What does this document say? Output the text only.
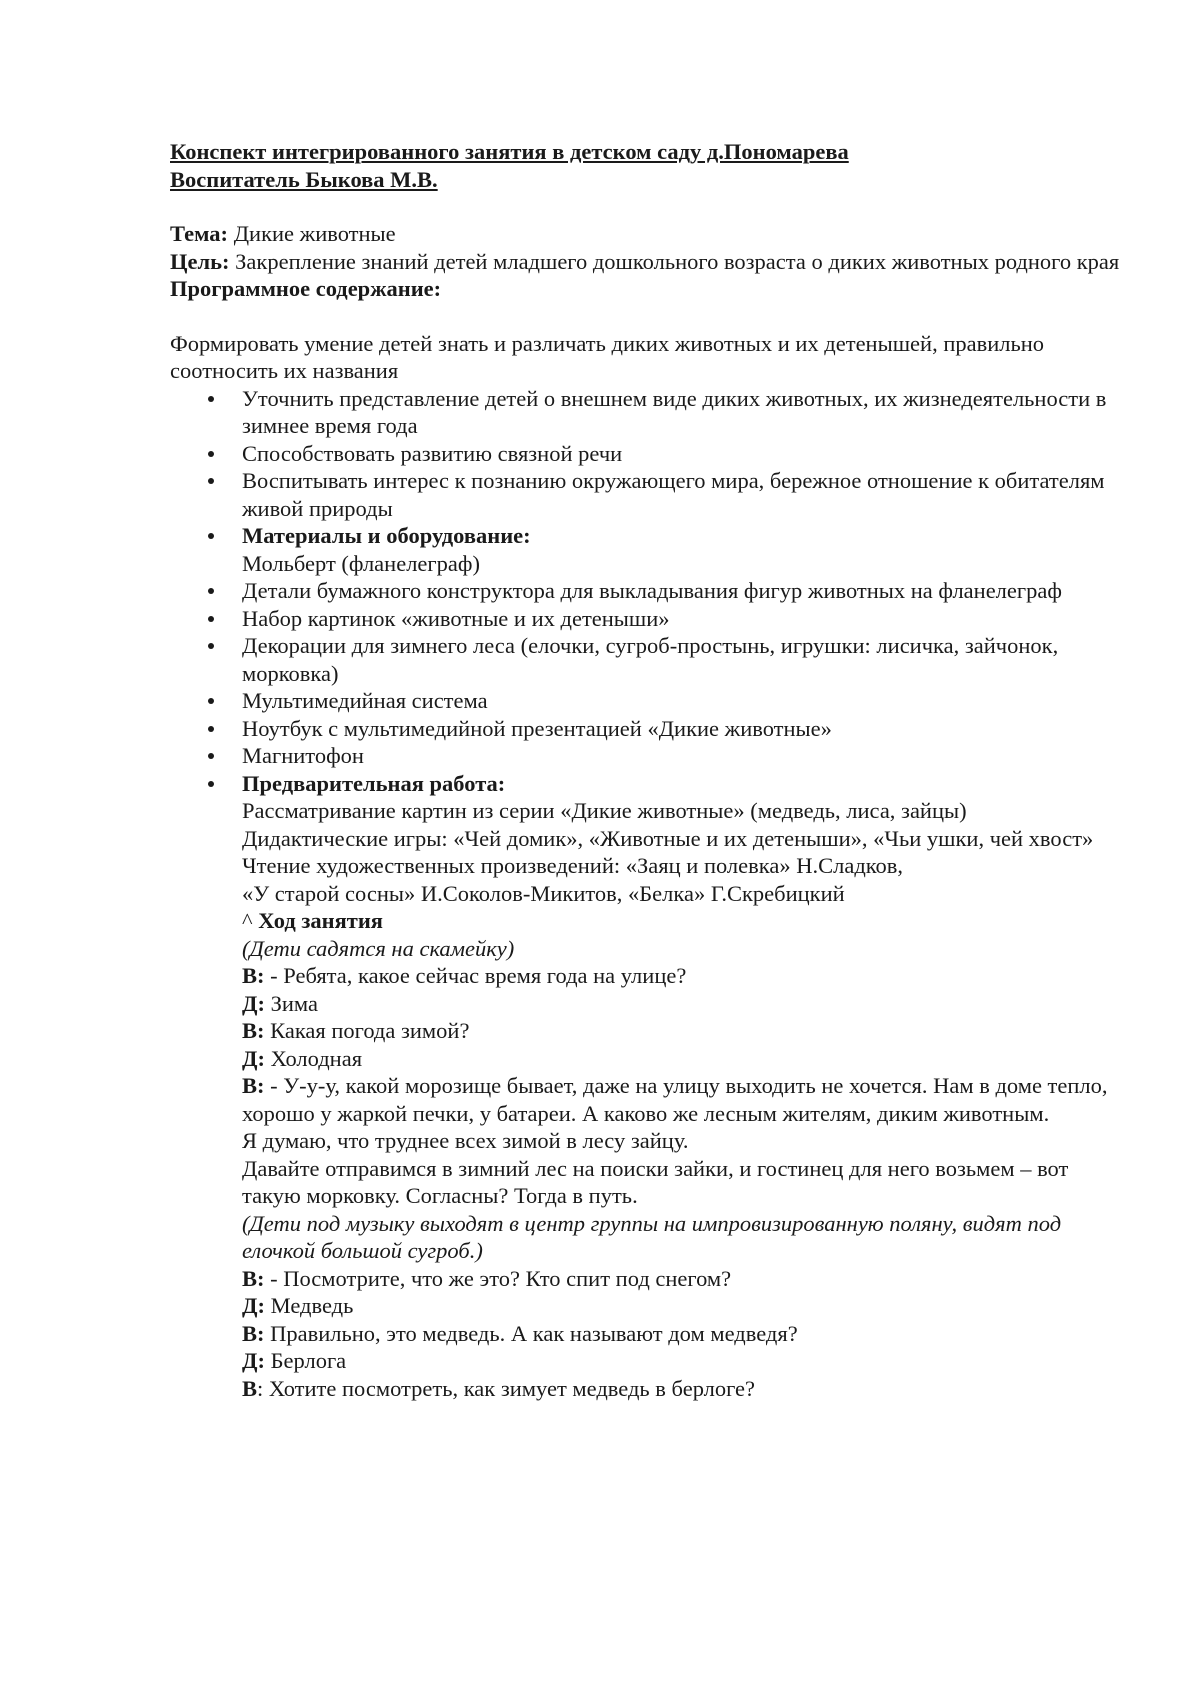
Конспект интегрированного занятия в детском саду д.Пономарева
Воспитатель Быкова М.В.
Тема: Дикие животные
Цель: Закрепление знаний детей младшего дошкольного возраста о диких животных родного края
Программное содержание:
Формировать умение детей знать и различать диких животных и их детенышей, правильно соотносить их названия
Уточнить представление детей о внешнем виде диких животных, их жизнедеятельности в зимнее время года
Способствовать развитию связной речи
Воспитывать интерес к познанию окружающего мира, бережное отношение к обитателям живой природы
Материалы и оборудование:
Мольберт (фланелеграф)
Детали бумажного конструктора для выкладывания фигур животных на фланелеграф
Набор картинок «животные и их детеныши»
Декорации для зимнего леса (елочки, сугроб-простынь, игрушки: лисичка, зайчонок, морковка)
Мультимедийная система
Ноутбук с мультимедийной презентацией «Дикие животные»
Магнитофон
Предварительная работа:
Рассматривание картин из серии «Дикие животные» (медведь, лиса, зайцы)
Дидактические игры: «Чей домик», «Животные и их детеныши», «Чьи ушки, чей хвост»
Чтение художественных произведений: «Заяц и полевка» Н.Сладков,
«У старой сосны» И.Соколов-Микитов, «Белка» Г.Скребицкий
^ Ход занятия
(Дети садятся на скамейку)
В: - Ребята, какое сейчас время года на улице?
Д: Зима
В: Какая погода зимой?
Д: Холодная
В: - У-у-у, какой морозище бывает, даже на улицу выходить не хочется. Нам в доме тепло, хорошо у жаркой печки, у батареи. А каково же лесным жителям, диким животным.
Я думаю, что труднее всех зимой в лесу зайцу.
Давайте отправимся в зимний лес на поиски зайки, и гостинец для него возьмем – вот такую морковку. Согласны? Тогда в путь.
(Дети под музыку выходят в центр группы на импровизированную поляну, видят под елочкой большой сугроб.)
В: - Посмотрите, что же это? Кто спит под снегом?
Д: Медведь
В: Правильно, это медведь. А как называют дом медведя?
Д: Берлога
В: Хотите посмотреть, как зимует медведь в берлоге?
